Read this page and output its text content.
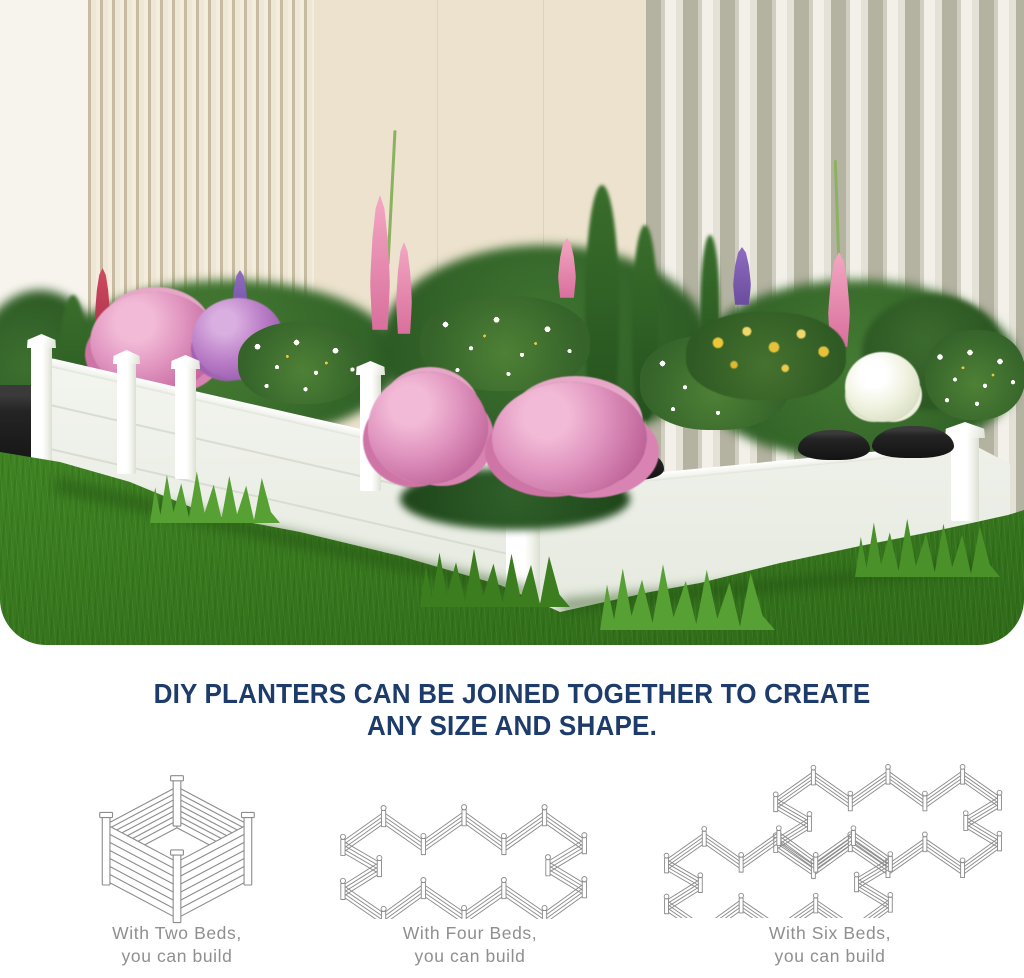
DIY PLANTERS CAN BE JOINED TOGETHER TO CREATE
ANY SIZE AND SHAPE.
With Two Beds,
you can build
With Four Beds,
you can build
With Six Beds,
you can build
